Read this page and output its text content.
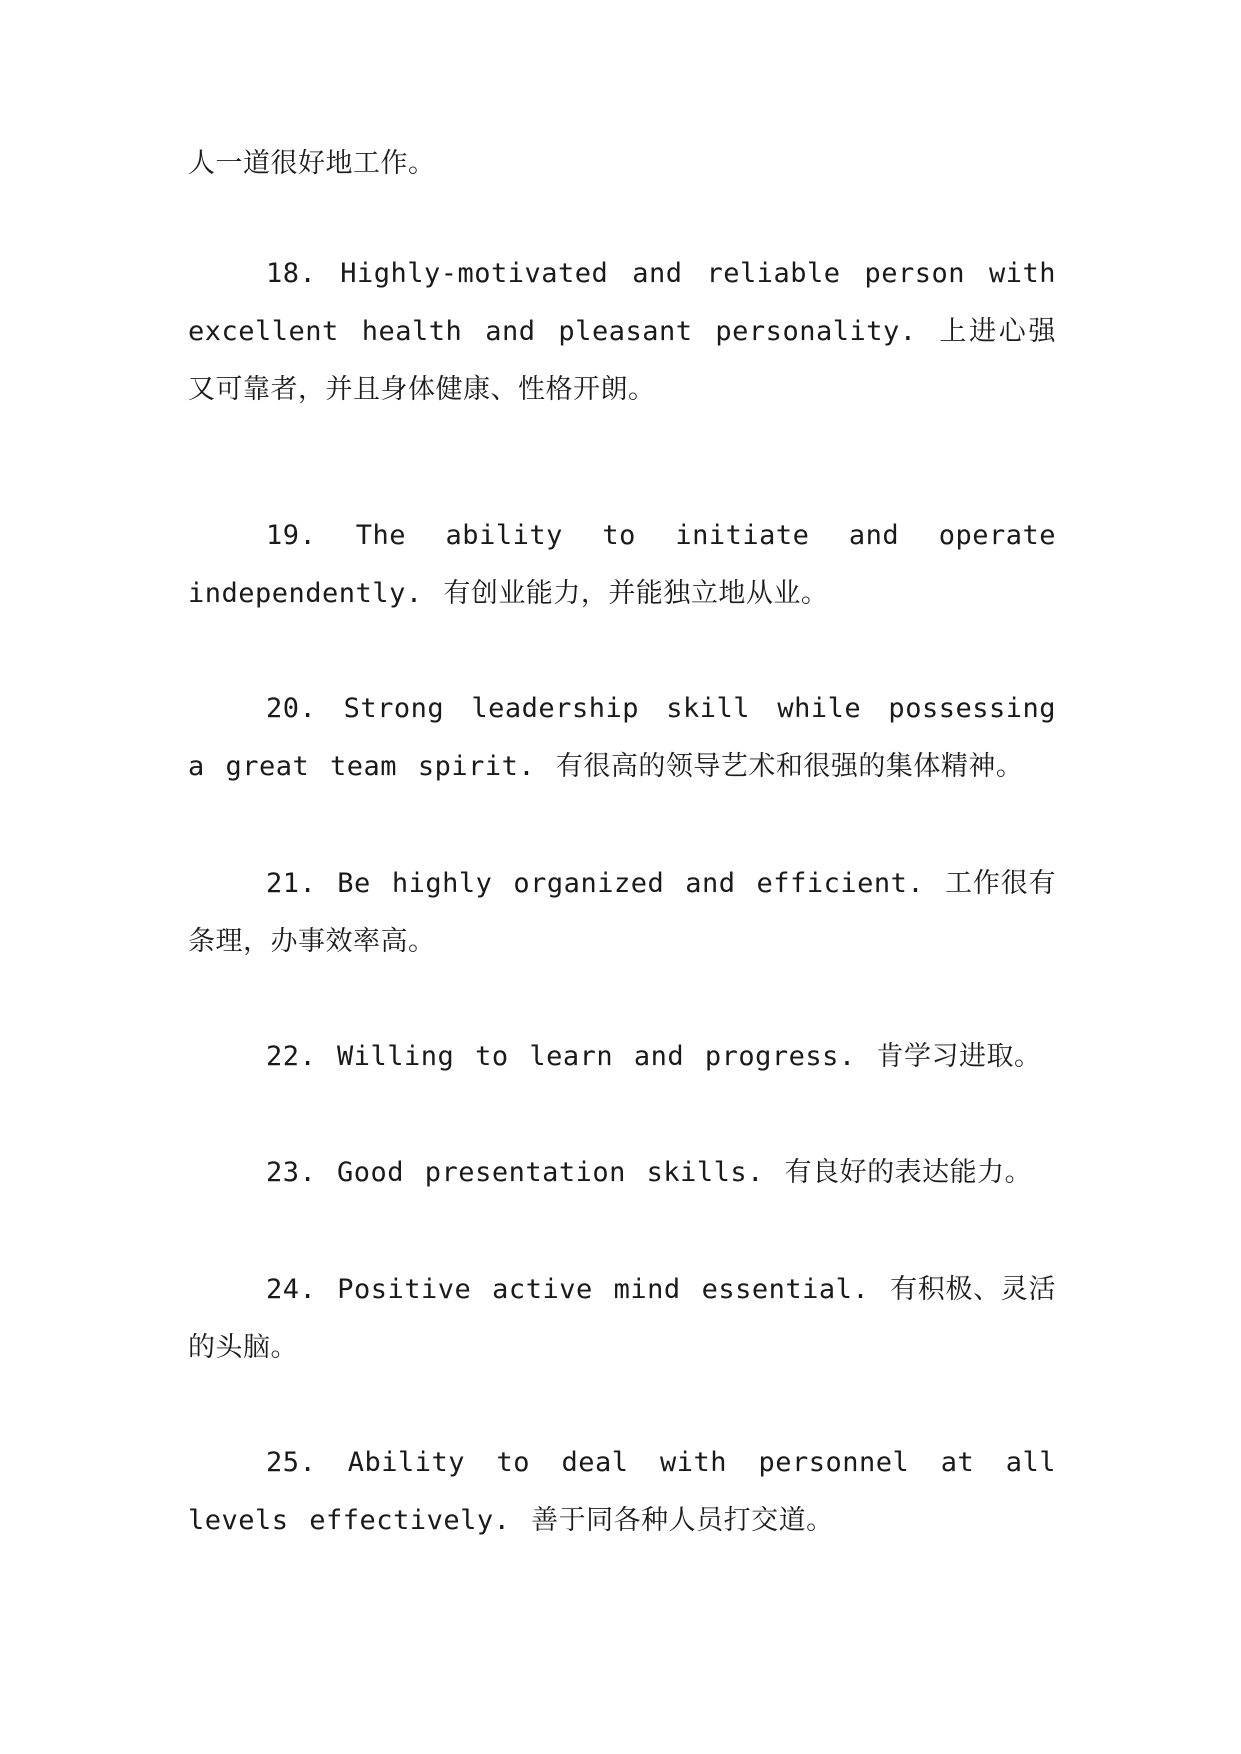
人一道很好地工作。

18. Highly-motivated and reliable person with excellent health and pleasant personality. 上进心强又可靠者，并且身体健康、性格开朗。

19. The ability to initiate and operate independently. 有创业能力，并能独立地从业。

20. Strong leadership skill while possessing a great team spirit. 有很高的领导艺术和很强的集体精神。

21. Be highly organized and efficient. 工作很有条理，办事效率高。

22. Willing to learn and progress. 肯学习进取。

23. Good presentation skills. 有良好的表达能力。

24. Positive active mind essential. 有积极、灵活的头脑。

25. Ability to deal with personnel at all levels effectively. 善于同各种人员打交道。
